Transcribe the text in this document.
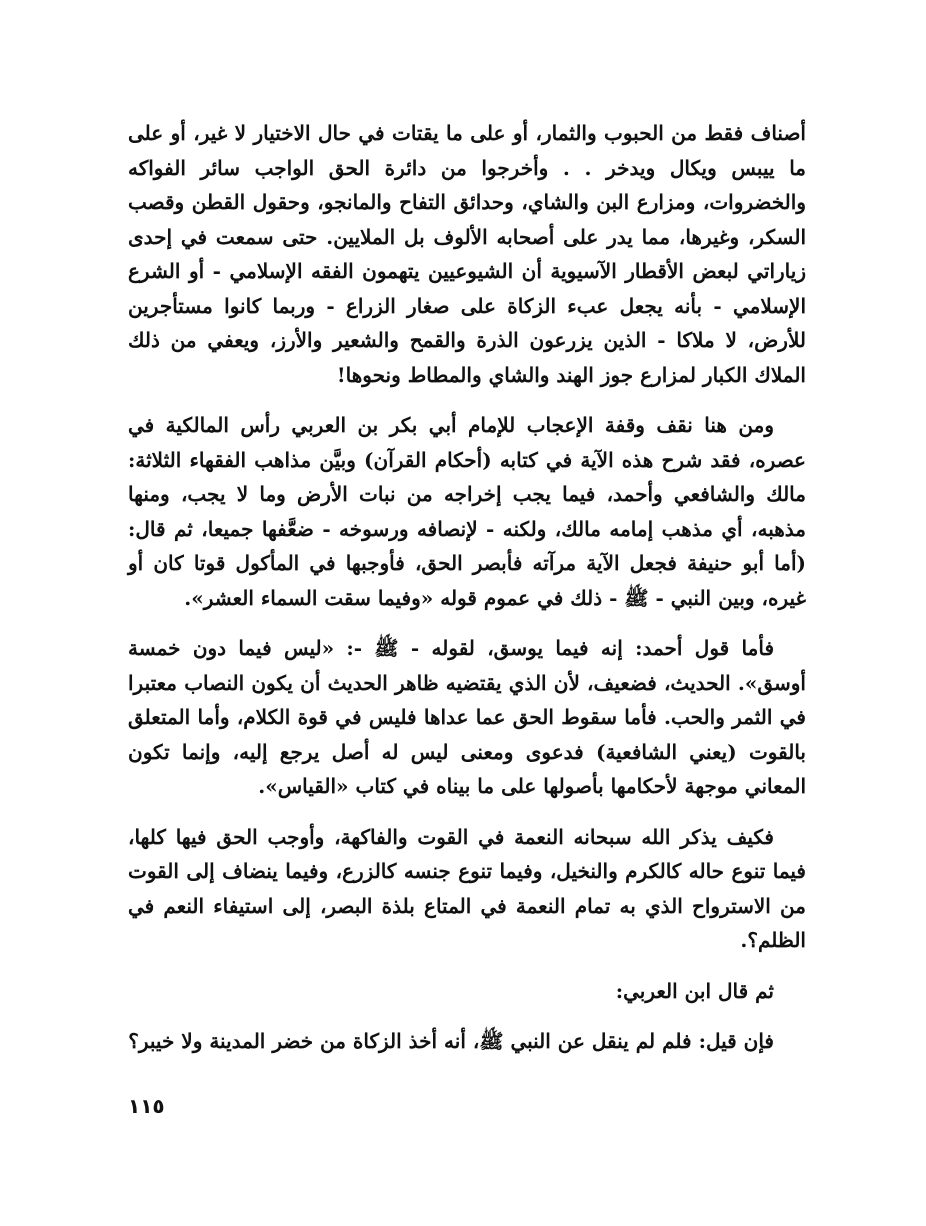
أصناف فقط من الحبوب والثمار، أو على ما يقتات في حال الاختيار لا غير، أو على ما ييبس ويكال ويدخر . . وأخرجوا من دائرة الحق الواجب سائر الفواكه والخضروات، ومزارع البن والشاي، وحدائق التفاح والمانجو، وحقول القطن وقصب السكر، وغيرها، مما يدر على أصحابه الألوف بل الملايين. حتى سمعت في إحدى زياراتي لبعض الأقطار الآسيوية أن الشيوعيين يتهمون الفقه الإسلامي - أو الشرع الإسلامي - بأنه يجعل عبء الزكاة على صغار الزراع - وربما كانوا مستأجرين للأرض، لا ملاكا - الذين يزرعون الذرة والقمح والشعير والأرز، ويعفي من ذلك الملاك الكبار لمزارع جوز الهند والشاي والمطاط ونحوها!

ومن هنا نقف وقفة الإعجاب للإمام أبي بكر بن العربي رأس المالكية في عصره، فقد شرح هذه الآية في كتابه (أحكام القرآن) وبيَّن مذاهب الفقهاء الثلاثة: مالك والشافعي وأحمد، فيما يجب إخراجه من نبات الأرض وما لا يجب، ومنها مذهبه، أي مذهب إمامه مالك، ولكنه - لإنصافه ورسوخه - ضعَّفها جميعا، ثم قال: (أما أبو حنيفة فجعل الآية مرآته فأبصر الحق، فأوجبها في المأكول قوتا كان أو غيره، وبين النبي - ﷺ - ذلك في عموم قوله «وفيما سقت السماء العشر».

فأما قول أحمد: إنه فيما يوسق، لقوله - ﷺ -: «ليس فيما دون خمسة أوسق». الحديث، فضعيف، لأن الذي يقتضيه ظاهر الحديث أن يكون النصاب معتبرا في الثمر والحب. فأما سقوط الحق عما عداها فليس في قوة الكلام، وأما المتعلق بالقوت (يعني الشافعية) فدعوى ومعنى ليس له أصل يرجع إليه، وإنما تكون المعاني موجهة لأحكامها بأصولها على ما بيناه في كتاب «القياس».

فكيف يذكر الله سبحانه النعمة في القوت والفاكهة، وأوجب الحق فيها كلها، فيما تنوع حاله كالكرم والنخيل، وفيما تنوع جنسه كالزرع، وفيما ينضاف إلى القوت من الاسترواح الذي به تمام النعمة في المتاع بلذة البصر، إلى استيفاء النعم في الظلم؟.

ثم قال ابن العربي:

فإن قيل: فلم لم ينقل عن النبي ﷺ، أنه أخذ الزكاة من خضر المدينة ولا خيبر؟

١١٥
